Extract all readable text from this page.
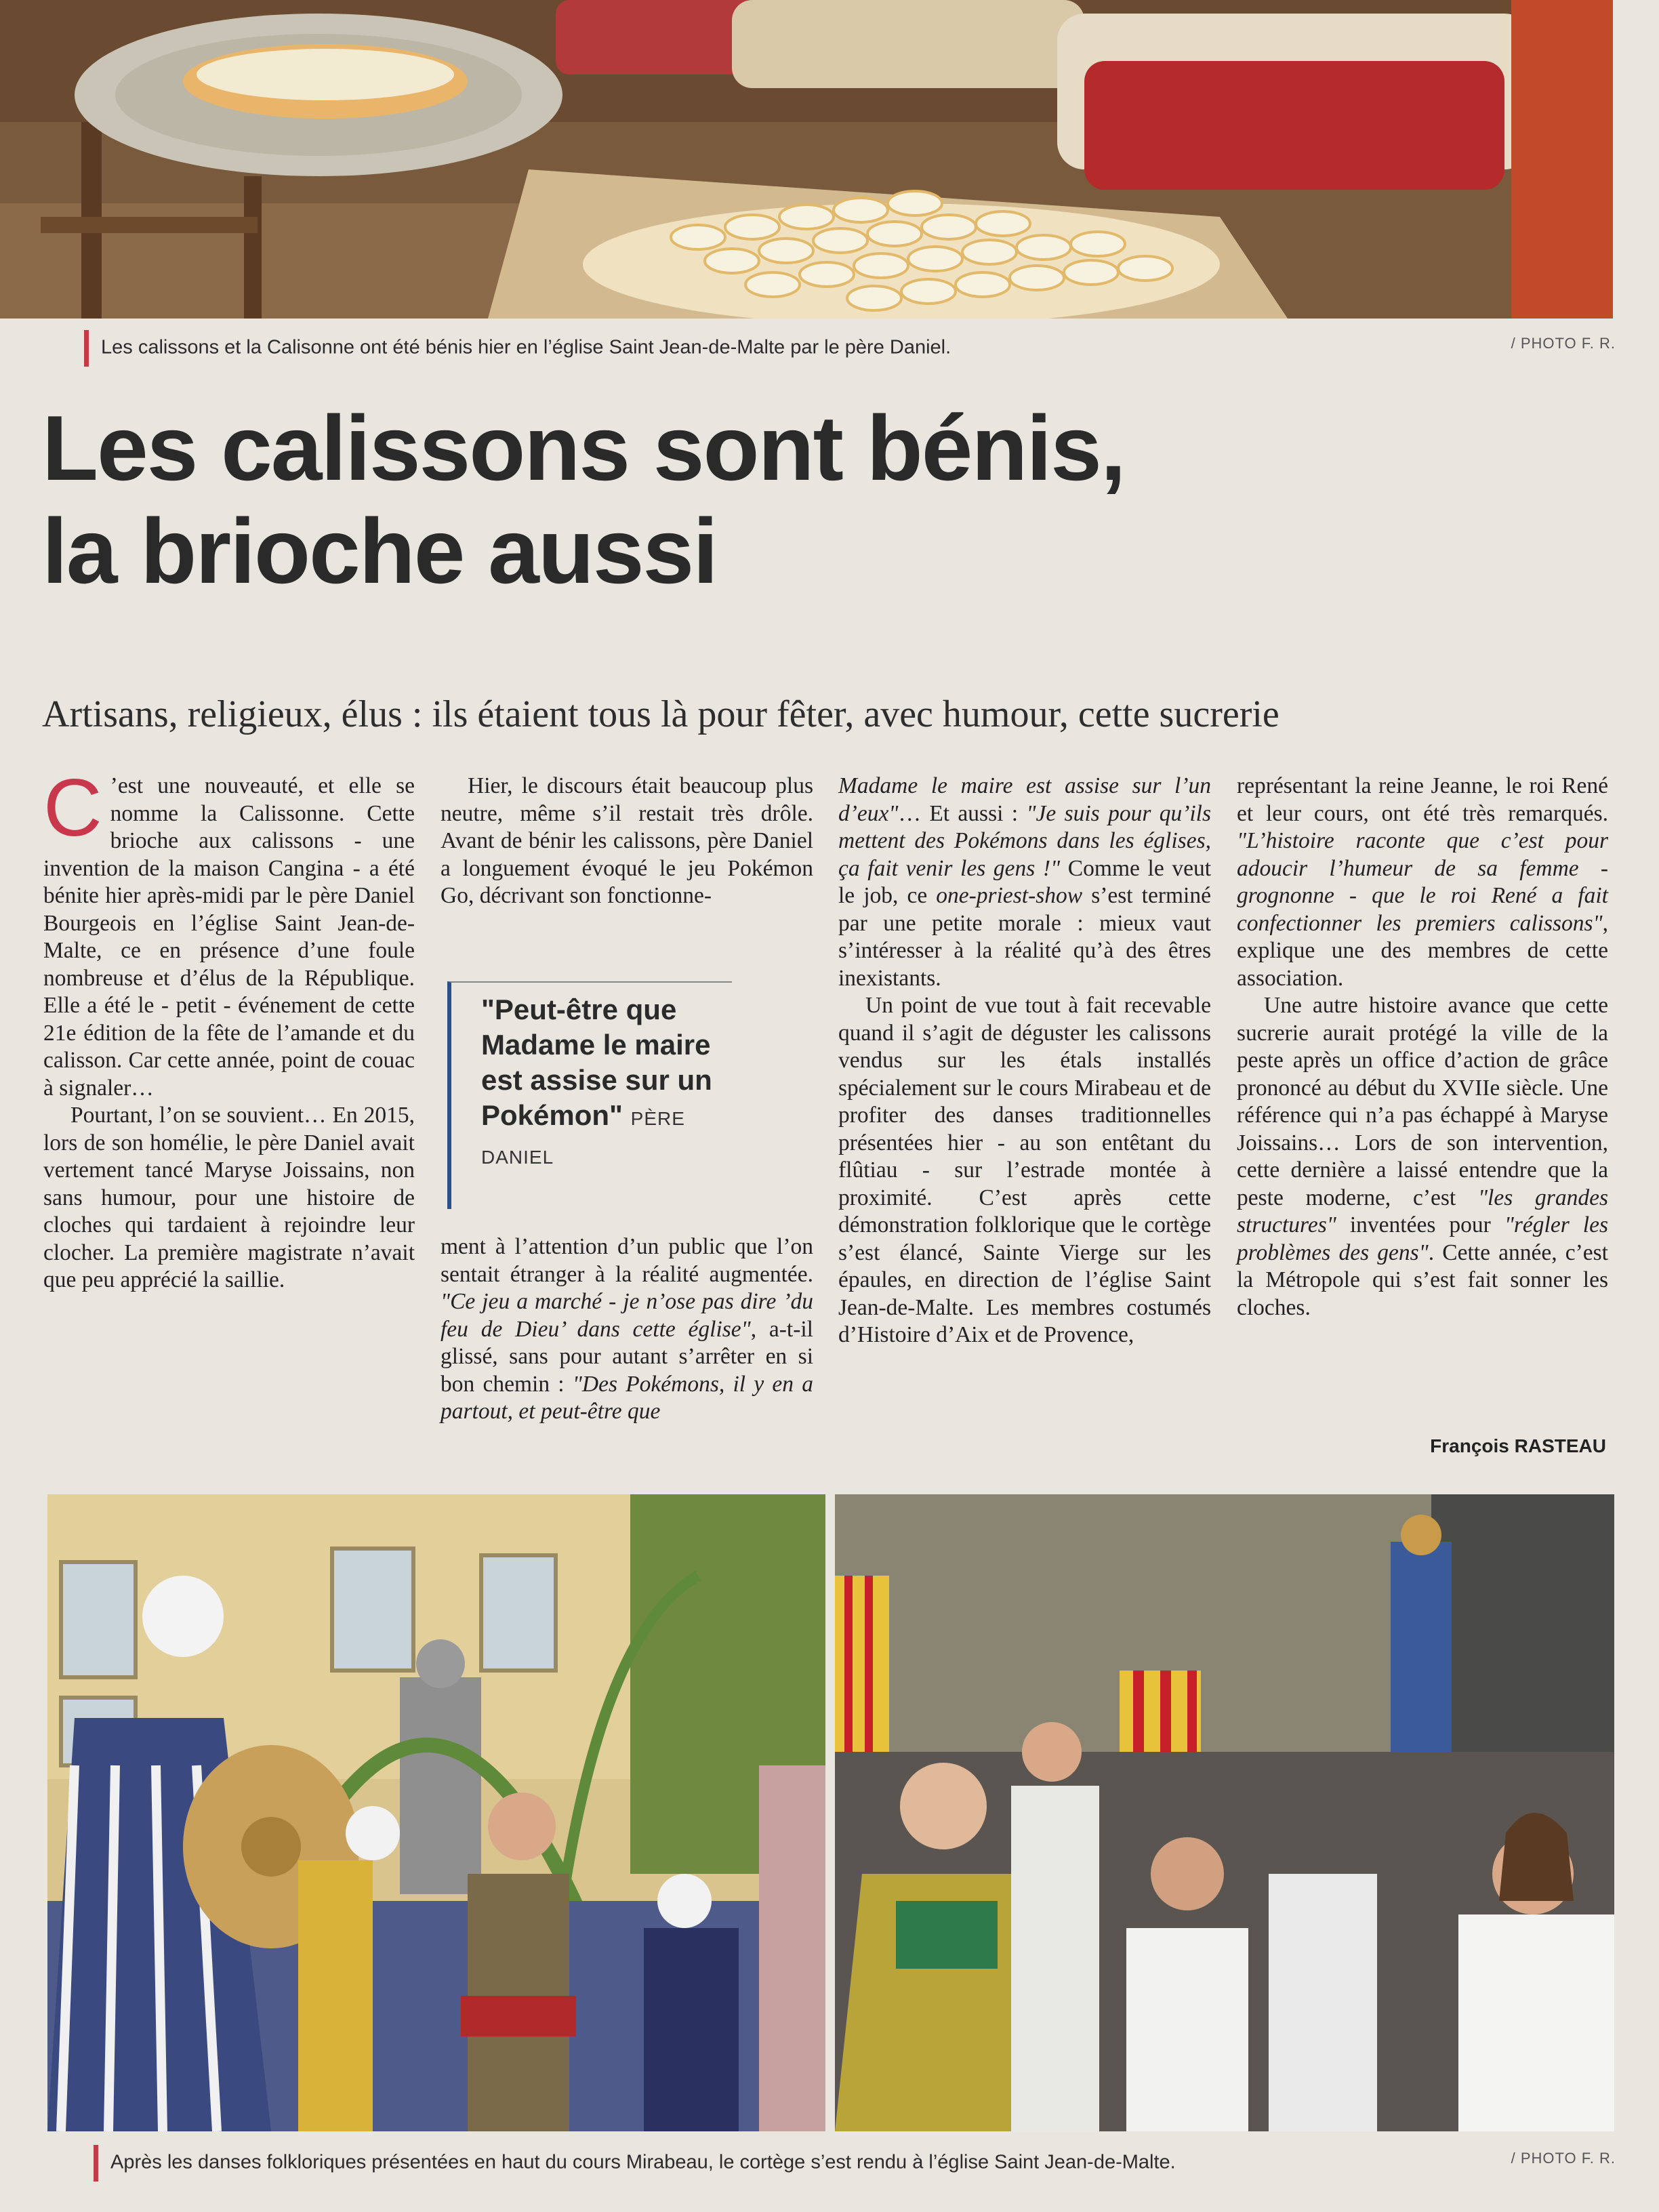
Les calissons et la Calisonne ont été bénis hier en l’église Saint Jean-de-Malte par le père Daniel.	/ PHOTO F. R.
Les calissons sont bénis,
la brioche aussi
Artisans, religieux, élus : ils étaient tous là pour fêter, avec humour, cette sucrerie

C ’est une nouveauté, et elle se nomme la Calissonne. Cette brioche aux calissons - une invention de la maison Cangina - a été bénite hier après-midi par le père Daniel Bourgeois en l’église Saint Jean-de-Malte, ce en présence d’une foule nombreuse et d’élus de la République. Elle a été le - petit - événement de cette 21e édition de la fête de l’amande et du calisson. Car cette année, point de couac à signaler…

Pourtant, l’on se souvient… En 2015, lors de son homélie, le père Daniel avait vertement tancé Maryse Joissains, non sans humour, pour une histoire de cloches qui tardaient à rejoindre leur clocher. La première magistrate n’avait que peu apprécié la saillie.

Hier, le discours était beaucoup plus neutre, même s’il restait très drôle. Avant de bénir les calissons, père Daniel a longuement évoqué le jeu Pokémon Go, décrivant son fonctionne-

"Peut-être que Madame le maire est assise sur un Pokémon" PÈRE DANIEL

ment à l’attention d’un public que l’on sentait étranger à la réalité augmentée. "Ce jeu a marché - je n’ose pas dire ’du feu de Dieu’ dans cette église", a-t-il glissé, sans pour autant s’arrêter en si bon chemin : "Des Pokémons, il y en a partout, et peut-être que

Madame le maire est assise sur l’un d’eux"… Et aussi : "Je suis pour qu’ils mettent des Pokémons dans les églises, ça fait venir les gens !" Comme le veut le job, ce one-priest-show s’est terminé par une petite morale : mieux vaut s’intéresser à la réalité qu’à des êtres inexistants.

Un point de vue tout à fait recevable quand il s’agit de déguster les calissons vendus sur les étals installés spécialement sur le cours Mirabeau et de profiter des danses traditionnelles présentées hier - au son entêtant du flûtiau - sur l’estrade montée à proximité. C’est après cette démonstration folklorique que le cortège s’est élancé, Sainte Vierge sur les épaules, en direction de l’église Saint Jean-de-Malte. Les membres costumés d’Histoire d’Aix et de Provence,

représentant la reine Jeanne, le roi René et leur cours, ont été très remarqués. "L’histoire raconte que c’est pour adoucir l’humeur de sa femme - grognonne - que le roi René a fait confectionner les premiers calissons", explique une des membres de cette association.

Une autre histoire avance que cette sucrerie aurait protégé la ville de la peste après un office d’action de grâce prononcé au début du XVIIe siècle. Une référence qui n’a pas échappé à Maryse Joissains… Lors de son intervention, cette dernière a laissé entendre que la peste moderne, c’est "les grandes structures" inventées pour "régler les problèmes des gens". Cette année, c’est la Métropole qui s’est fait sonner les cloches.

François RASTEAU
Après les danses folkloriques présentées en haut du cours Mirabeau, le cortège s’est rendu à l’église Saint Jean-de-Malte.	/ PHOTO F. R.
